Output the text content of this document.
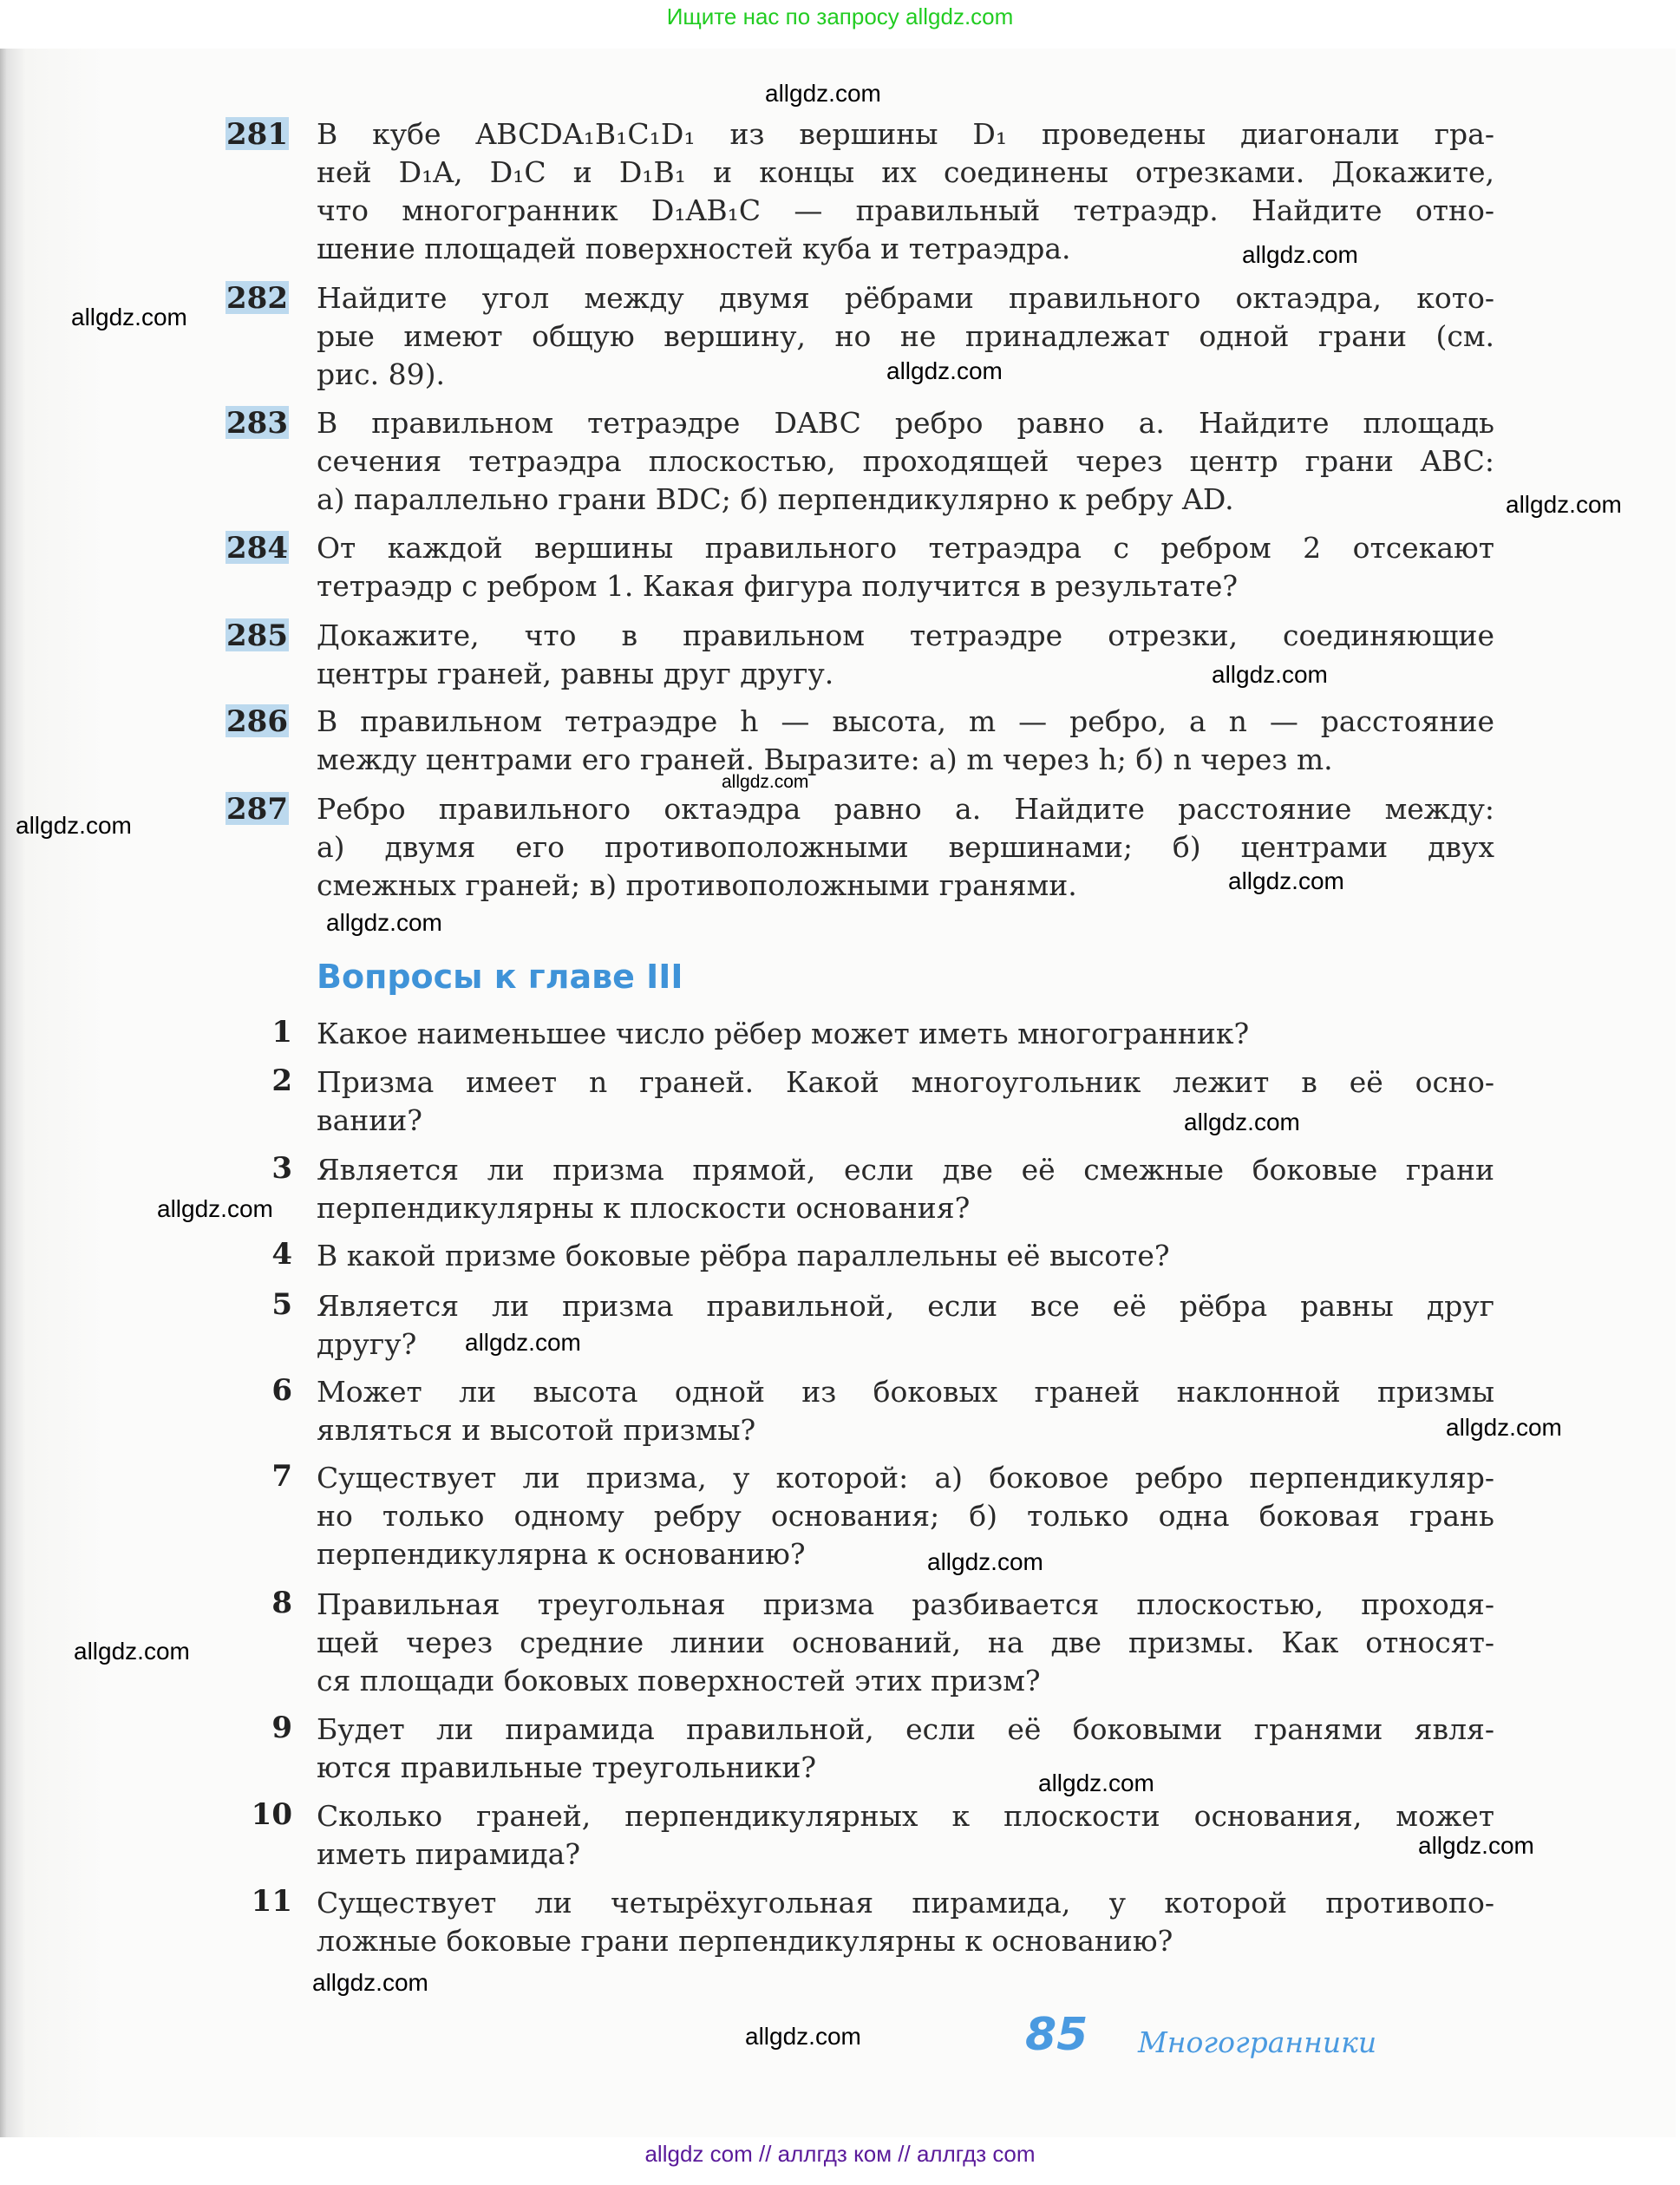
Ищите нас по запросу allgdz.com
281 В кубе ABCDA₁B₁C₁D₁ из вершины D₁ проведены диагонали гра-
ней D₁A, D₁C и D₁B₁ и концы их соединены отрезками. Докажите,
что многогранник D₁AB₁C — правильный тетраэдр. Найдите отно-
шение площадей поверхностей куба и тетраэдра.
282 Найдите угол между двумя рёбрами правильного октаэдра, кото-
рые имеют общую вершину, но не принадлежат одной грани (см.
рис. 89).
283 В правильном тетраэдре DABC ребро равно a. Найдите площадь
сечения тетраэдра плоскостью, проходящей через центр грани ABC:
а) параллельно грани BDC; б) перпендикулярно к ребру AD.
284 От каждой вершины правильного тетраэдра с ребром 2 отсекают
тетраэдр с ребром 1. Какая фигура получится в результате?
285 Докажите, что в правильном тетраэдре отрезки, соединяющие
центры граней, равны друг другу.
286 В правильном тетраэдре h — высота, m — ребро, а n — расстояние
между центрами его граней. Выразите: а) m через h; б) n через m.
287 Ребро правильного октаэдра равно a. Найдите расстояние между:
а) двумя его противоположными вершинами; б) центрами двух
смежных граней; в) противоположными гранями.
1 Какое наименьшее число рёбер может иметь многогранник?
2 Призма имеет n граней. Какой многоугольник лежит в её осно-
вании?
3 Является ли призма прямой, если две её смежные боковые грани
перпендикулярны к плоскости основания?
4 В какой призме боковые рёбра параллельны её высоте?
5 Является ли призма правильной, если все её рёбра равны друг
другу?
6 Может ли высота одной из боковых граней наклонной призмы
являться и высотой призмы?
7 Существует ли призма, у которой: а) боковое ребро перпендикуляр-
но только одному ребру основания; б) только одна боковая грань
перпендикулярна к основанию?
8 Правильная треугольная призма разбивается плоскостью, проходя-
щей через средние линии оснований, на две призмы. Как относят-
ся площади боковых поверхностей этих призм?
9 Будет ли пирамида правильной, если её боковыми гранями явля-
ются правильные треугольники?
10 Сколько граней, перпендикулярных к плоскости основания, может
иметь пирамида?
11 Существует ли четырёхугольная пирамида, у которой противопо-
ложные боковые грани перпендикулярны к основанию?
allgdz.com
allgdz.com
allgdz.com
allgdz.com
allgdz.com
allgdz.com
allgdz.com
allgdz.com
allgdz.com
allgdz.com
allgdz.com
allgdz.com
allgdz.com
allgdz.com
allgdz.com
allgdz.com
allgdz.com
allgdz.com
allgdz.com
allgdz.com
Вопросы к главе III
85 Многогранники
allgdz com // аллгдз ком // аллгдз com
